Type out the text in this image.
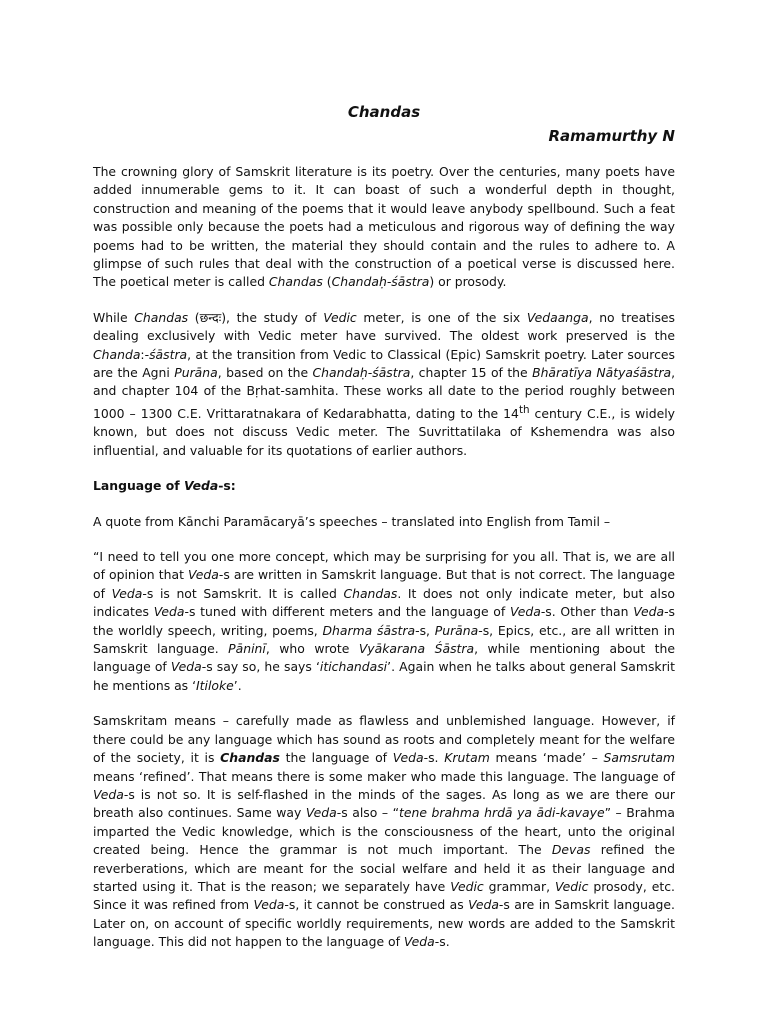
Chandas

Ramamurthy N

The crowning glory of Samskrit literature is its poetry. Over the centuries, many poets have added innumerable gems to it. It can boast of such a wonderful depth in thought, construction and meaning of the poems that it would leave anybody spellbound. Such a feat was possible only because the poets had a meticulous and rigorous way of defining the way poems had to be written, the material they should contain and the rules to adhere to. A glimpse of such rules that deal with the construction of a poetical verse is discussed here. The poetical meter is called Chandas (Chandaḥ-śāstra) or prosody.

While Chandas (छन्दः), the study of Vedic meter, is one of the six Vedaanga, no treatises dealing exclusively with Vedic meter have survived. The oldest work preserved is the Chanda:-śāstra, at the transition from Vedic to Classical (Epic) Samskrit poetry. Later sources are the Agni Purāna, based on the Chandaḥ-śāstra, chapter 15 of the Bhāratīya Nātyaśāstra, and chapter 104 of the Bṛhat-samhita. These works all date to the period roughly between 1000 – 1300 C.E. Vrittaratnakara of Kedarabhatta, dating to the 14th century C.E., is widely known, but does not discuss Vedic meter. The Suvrittatilaka of Kshemendra was also influential, and valuable for its quotations of earlier authors.

Language of Veda-s:

A quote from Kānchi Paramācaryā’s speeches – translated into English from Tamil –

“I need to tell you one more concept, which may be surprising for you all. That is, we are all of opinion that Veda-s are written in Samskrit language. But that is not correct. The language of Veda-s is not Samskrit. It is called Chandas. It does not only indicate meter, but also indicates Veda-s tuned with different meters and the language of Veda-s. Other than Veda-s the worldly speech, writing, poems, Dharma śāstra-s, Purāna-s, Epics, etc., are all written in Samskrit language. Pāninī, who wrote Vyākarana Śāstra, while mentioning about the language of Veda-s say so, he says ‘itichandasi’. Again when he talks about general Samskrit he mentions as ‘Itiloke’.

Samskritam means – carefully made as flawless and unblemished language. However, if there could be any language which has sound as roots and completely meant for the welfare of the society, it is Chandas the language of Veda-s. Krutam means ‘made’ – Samsrutam means ‘refined’. That means there is some maker who made this language. The language of Veda-s is not so. It is self-flashed in the minds of the sages. As long as we are there our breath also continues. Same way Veda-s also – “tene brahma hrdā ya ādi-kavaye” – Brahma imparted the Vedic knowledge, which is the consciousness of the heart, unto the original created being. Hence the grammar is not much important. The Devas refined the reverberations, which are meant for the social welfare and held it as their language and started using it. That is the reason; we separately have Vedic grammar, Vedic prosody, etc. Since it was refined from Veda-s, it cannot be construed as Veda-s are in Samskrit language. Later on, on account of specific worldly requirements, new words are added to the Samskrit language. This did not happen to the language of Veda-s.
